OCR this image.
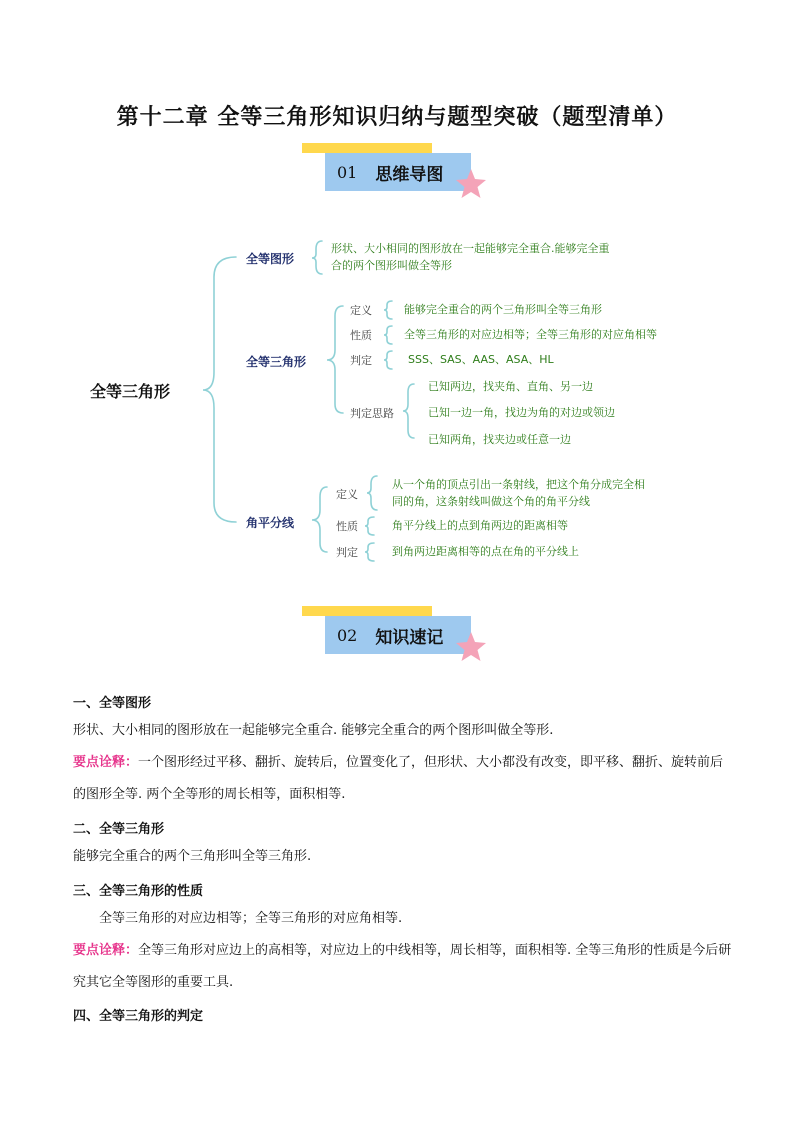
第十二章 全等三角形知识归纳与题型突破（题型清单）
01 思维导图
全等三角形
全等图形
形状、大小相同的图形放在一起能够完全重合.能够完全重
合的两个图形叫做全等形
全等三角形
定义	能够完全重合的两个三角形叫全等三角形
性质	全等三角形的对应边相等；全等三角形的对应角相等
判定	SSS、SAS、AAS、ASA、HL
判定思路
已知两边，找夹角、直角、另一边
已知一边一角，找边为角的对边或领边
已知两角，找夹边或任意一边
角平分线
定义
从一个角的顶点引出一条射线，把这个角分成完全相
同的角，这条射线叫做这个角的角平分线
性质	角平分线上的点到角两边的距离相等
判定	到角两边距离相等的点在角的平分线上
02 知识速记
一、全等图形
形状、大小相同的图形放在一起能够完全重合. 能够完全重合的两个图形叫做全等形.
要点诠释：一个图形经过平移、翻折、旋转后，位置变化了，但形状、大小都没有改变，即平移、翻折、旋转前后的图形全等. 两个全等形的周长相等，面积相等.
二、全等三角形
能够完全重合的两个三角形叫全等三角形.
三、全等三角形的性质
全等三角形的对应边相等；全等三角形的对应角相等.
要点诠释：全等三角形对应边上的高相等，对应边上的中线相等，周长相等，面积相等. 全等三角形的性质是今后研究其它全等图形的重要工具.
四、全等三角形的判定
